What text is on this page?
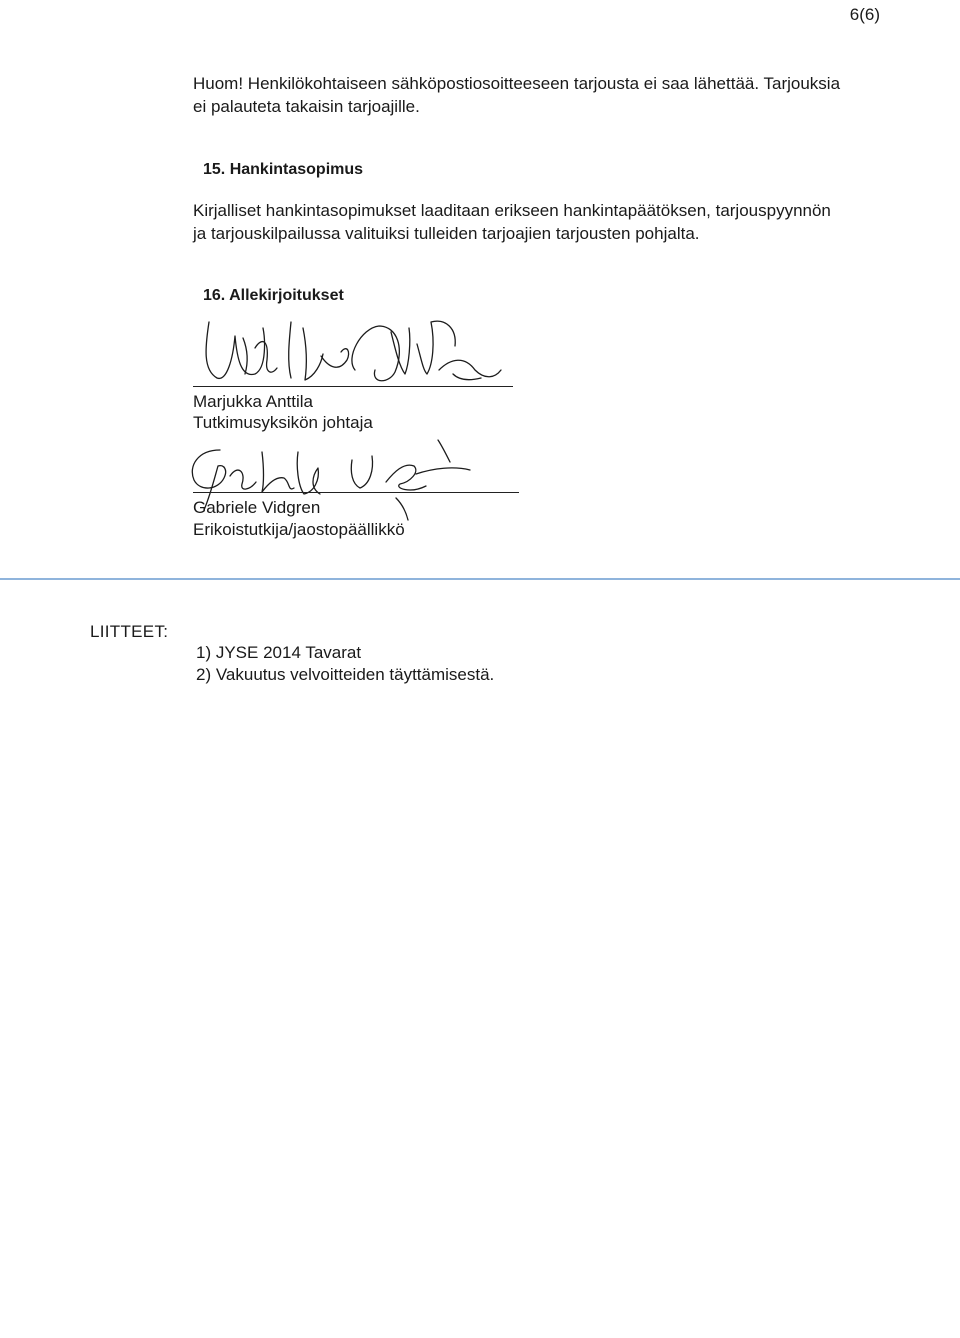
6(6)
Huom! Henkilökohtaiseen sähköpostiosoitteeseen tarjousta ei saa lähettää. Tarjouksia
ei palauteta takaisin tarjoajille.
15. Hankintasopimus
Kirjalliset hankintasopimukset laaditaan erikseen hankintapäätöksen, tarjouspyynnön
ja tarjouskilpailussa valituiksi tulleiden tarjoajien tarjousten pohjalta.
16. Allekirjoitukset
Marjukka Anttila
Tutkimusyksikön johtaja
Gabriele Vidgren
Erikoistutkija/jaostopäällikkö
LIITTEET:
1) JYSE 2014 Tavarat
2) Vakuutus velvoitteiden täyttämisestä.
